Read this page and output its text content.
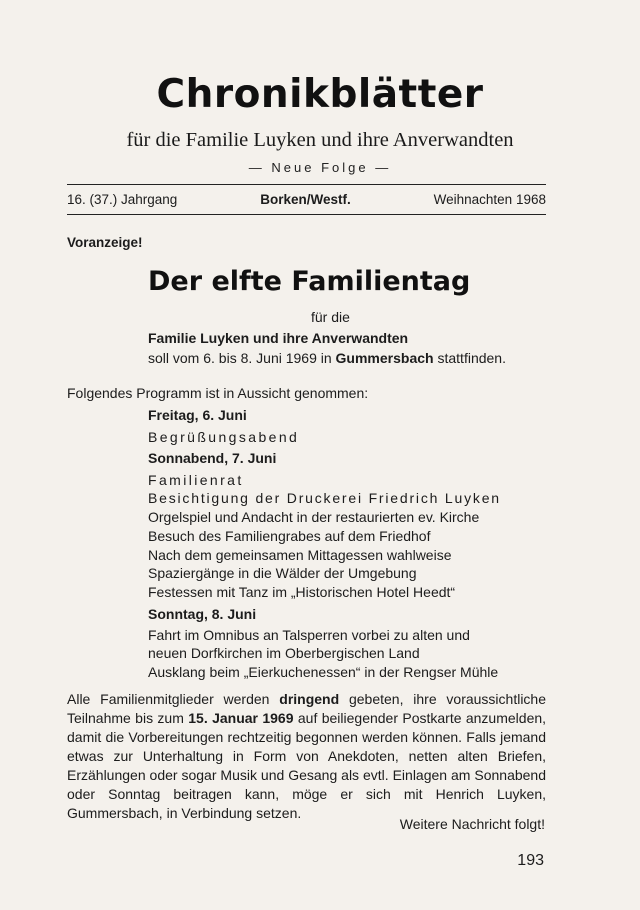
Chronikblätter
für die Familie Luyken und ihre Anverwandten
— Neue Folge —
16. (37.) Jahrgang	Borken/Westf.	Weihnachten 1968
Voranzeige!
Der elfte Familientag
für die
Familie Luyken und ihre Anverwandten
soll vom 6. bis 8. Juni 1969 in Gummersbach stattfinden.
Folgendes Programm ist in Aussicht genommen:
Freitag, 6. Juni
Begrüßungsabend
Sonnabend, 7. Juni
Familienrat
Besichtigung der Druckerei Friedrich Luyken
Orgelspiel und Andacht in der restaurierten ev. Kirche
Besuch des Familiengrabes auf dem Friedhof
Nach dem gemeinsamen Mittagessen wahlweise
Spaziergänge in die Wälder der Umgebung
Festessen mit Tanz im „Historischen Hotel Heedt“
Sonntag, 8. Juni
Fahrt im Omnibus an Talsperren vorbei zu alten und
neuen Dorfkirchen im Oberbergischen Land
Ausklang beim „Eierkuchenessen“ in der Rengser Mühle
Alle Familienmitglieder werden dringend gebeten, ihre voraussichtliche Teilnahme bis zum 15. Januar 1969 auf beiliegender Postkarte anzumelden, damit die Vorbereitungen rechtzeitig begonnen werden können. Falls jemand etwas zur Unterhaltung in Form von Anekdoten, netten alten Briefen, Erzählungen oder sogar Musik und Gesang als evtl. Einlagen am Sonnabend oder Sonntag beitragen kann, möge er sich mit Henrich Luyken, Gummersbach, in Verbindung setzen.
Weitere Nachricht folgt!
193
